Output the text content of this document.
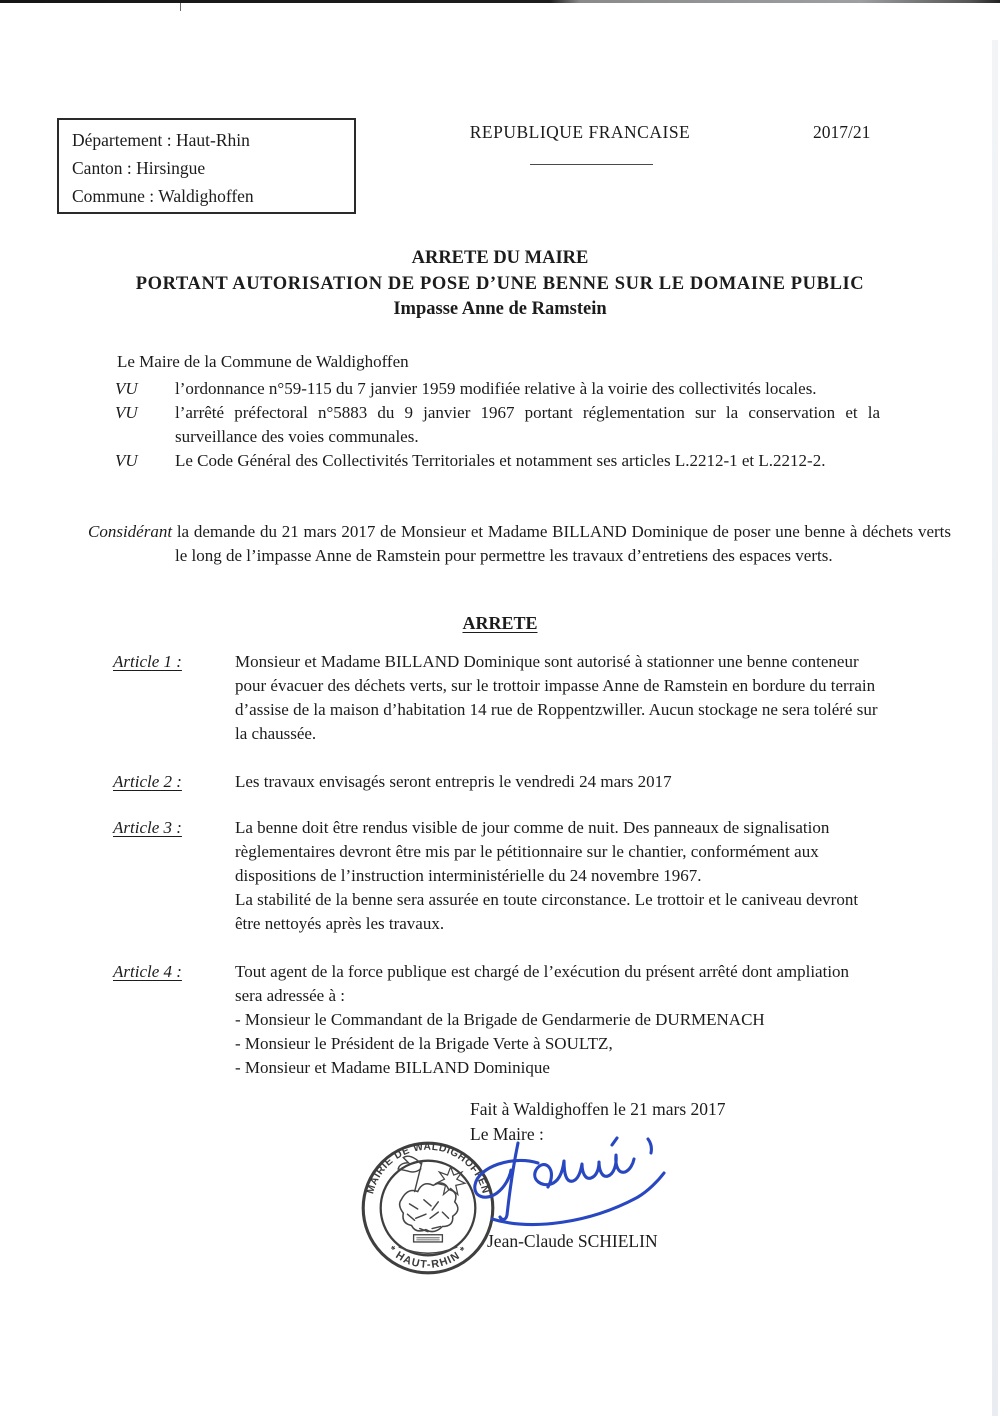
Département : Haut-Rhin
Canton : Hirsingue
Commune : Waldighoffen
REPUBLIQUE FRANCAISE	2017/21
ARRETE DU MAIRE
PORTANT AUTORISATION DE POSE D’UNE BENNE SUR LE DOMAINE PUBLIC
Impasse Anne de Ramstein
Le Maire de la Commune de Waldighoffen
VU	l’ordonnance n°59-115 du 7 janvier 1959 modifiée relative à la voirie des collectivités locales.
VU	l’arrêté préfectoral n°5883 du 9 janvier 1967 portant réglementation sur la conservation et la surveillance des voies communales.
VU	Le Code Général des Collectivités Territoriales et notamment ses articles L.2212-1 et L.2212-2.
Considérant la demande du 21 mars 2017 de Monsieur et Madame BILLAND Dominique de poser une benne à déchets verts le long de l’impasse Anne de Ramstein pour permettre les travaux d’entretiens des espaces verts.
ARRETE
Article 1 :	Monsieur et Madame BILLAND Dominique sont autorisé à stationner une benne conteneur pour évacuer des déchets verts, sur le trottoir impasse Anne de Ramstein en bordure du terrain d’assise de la maison d’habitation 14 rue de Roppentzwiller. Aucun stockage ne sera toléré sur la chaussée.

Article 2 :	Les travaux envisagés seront entrepris le vendredi 24 mars 2017

Article 3 :	La benne doit être rendus visible de jour comme de nuit. Des panneaux de signalisation règlementaires devront être mis par le pétitionnaire sur le chantier, conformément aux dispositions de l’instruction interministérielle du 24 novembre 1967.

La stabilité de la benne sera assurée en toute circonstance. Le trottoir et le caniveau devront être nettoyés après les travaux.

Article 4 :	Tout agent de la force publique est chargé de l’exécution du présent arrêté dont ampliation sera adressée à :

- Monsieur le Commandant de la Brigade de Gendarmerie de DURMENACH

- Monsieur le Président de la Brigade Verte à SOULTZ,

- Monsieur et Madame BILLAND Dominique

Fait à Waldighoffen le 21 mars 2017
Le Maire :
MAIRIE DE WALDIGHOFFEN
* HAUT-RHIN * Jean-Claude SCHIELIN
